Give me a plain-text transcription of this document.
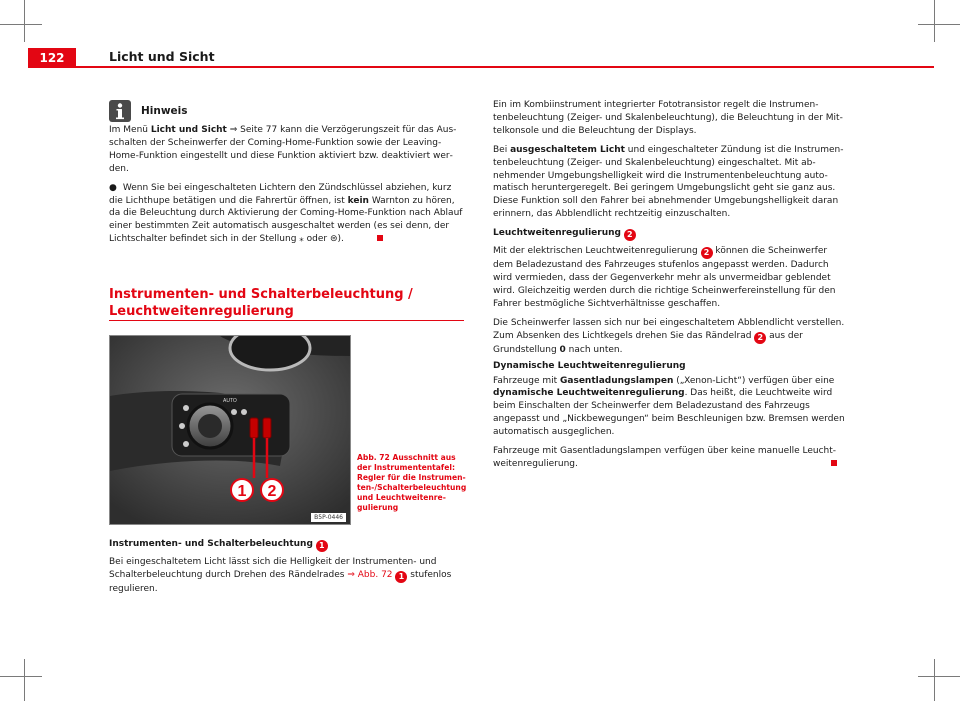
122	Licht und Sicht
Hinweis

Im Menü Licht und Sicht ⇒ Seite 77 kann die Verzögerungszeit für das Ausschalten der Scheinwerfer der Coming-Home-Funktion sowie der Leaving-Home-Funktion eingestellt und diese Funktion aktiviert bzw. deaktiviert werden.

● Wenn Sie bei eingeschalteten Lichtern den Zündschlüssel abziehen, kurz die Lichthupe betätigen und die Fahrertür öffnen, ist kein Warnton zu hören, da die Beleuchtung durch Aktivierung der Coming-Home-Funktion nach Ablauf einer bestimmten Zeit automatisch ausgeschaltet werden (es sei denn, der Lichtschalter befindet sich in der Stellung ⁎ oder ⊜).

Instrumenten- und Schalterbeleuchtung /
Leuchtweitenregulierung
AUTO
1 2
B5P-0446
Abb. 72 Ausschnitt aus der Instrumententafel: Regler für die Instrumenten-/Schalterbeleuchtung und Leuchtweitenregulierung

Instrumenten- und Schalterbeleuchtung 1

Bei eingeschaltetem Licht lässt sich die Helligkeit der Instrumenten- und Schalterbeleuchtung durch Drehen des Rändelrades ⇒ Abb. 72 1 stufenlos regulieren.

Ein im Kombiinstrument integrierter Fototransistor regelt die Instrumentenbeleuchtung (Zeiger- und Skalenbeleuchtung), die Beleuchtung in der Mittelkonsole und die Beleuchtung der Displays.

Bei ausgeschaltetem Licht und eingeschalteter Zündung ist die Instrumentenbeleuchtung (Zeiger- und Skalenbeleuchtung) eingeschaltet. Mit abnehmender Umgebungshelligkeit wird die Instrumentenbeleuchtung automatisch heruntergeregelt. Bei geringem Umgebungslicht geht sie ganz aus. Diese Funktion soll den Fahrer bei abnehmender Umgebungshelligkeit daran erinnern, das Abblendlicht rechtzeitig einzuschalten.

Leuchtweitenregulierung 2

Mit der elektrischen Leuchtweitenregulierung 2 können die Scheinwerfer dem Beladezustand des Fahrzeuges stufenlos angepasst werden. Dadurch wird vermieden, dass der Gegenverkehr mehr als unvermeidbar geblendet wird. Gleichzeitig werden durch die richtige Scheinwerfereinstellung für den Fahrer bestmögliche Sichtverhältnisse geschaffen.

Die Scheinwerfer lassen sich nur bei eingeschaltetem Abblendlicht verstellen. Zum Absenken des Lichtkegels drehen Sie das Rändelrad 2 aus der Grundstellung 0 nach unten.

Dynamische Leuchtweitenregulierung

Fahrzeuge mit Gasentladungslampen („Xenon-Licht“) verfügen über eine dynamische Leuchtweitenregulierung. Das heißt, die Leuchtweite wird beim Einschalten der Scheinwerfer dem Beladezustand des Fahrzeugs angepasst und „Nickbewegungen“ beim Beschleunigen bzw. Bremsen werden automatisch ausgeglichen.

Fahrzeuge mit Gasentladungslampen verfügen über keine manuelle Leuchtweitenregulierung.
